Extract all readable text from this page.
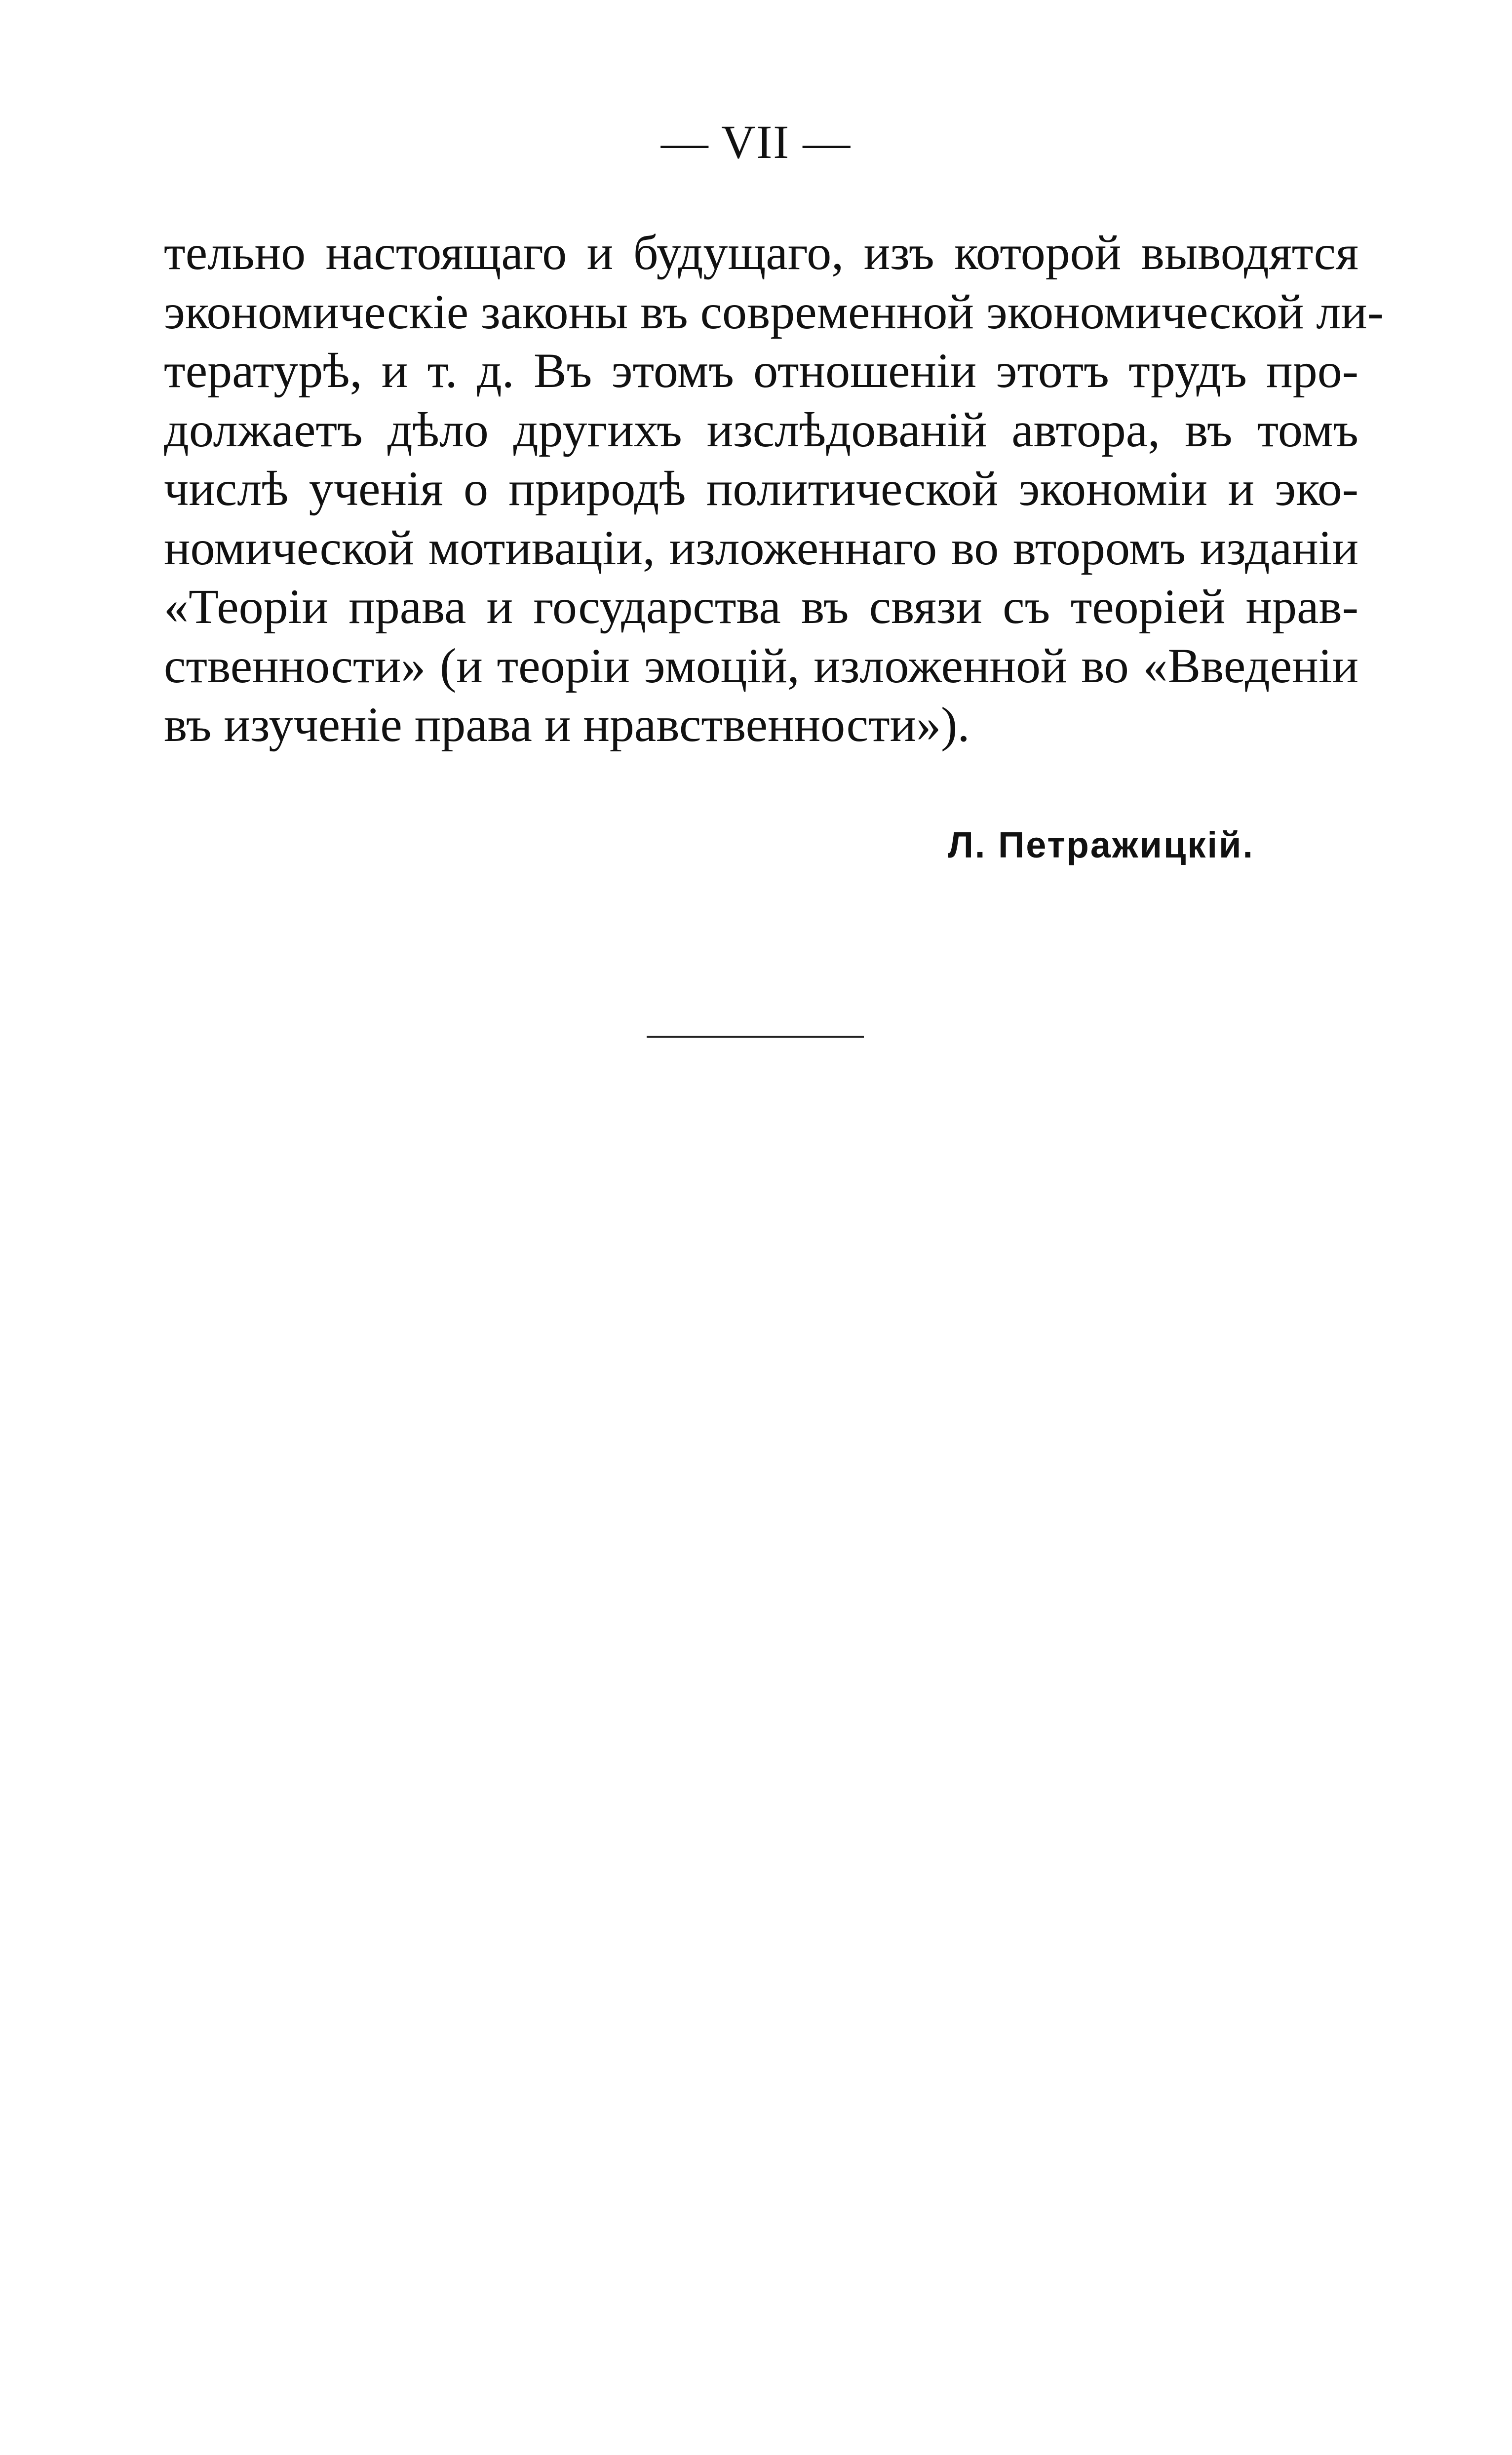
— VII —
тельно настоящаго и будущаго, изъ которой выводятся
экономическіе законы въ современной экономической ли-
тературѣ, и т. д. Въ этомъ отношеніи этотъ трудъ про-
должаетъ дѣло другихъ изслѣдованій автора, въ томъ
числѣ ученія о природѣ политической экономіи и эко-
номической мотиваціи, изложеннаго во второмъ изданіи
«Теоріи права и государства въ связи съ теоріей нрав-
ственности» (и теоріи эмоцій, изложенной во «Введеніи
въ изученіе права и нравственности»).
Л. Петражицкій.
